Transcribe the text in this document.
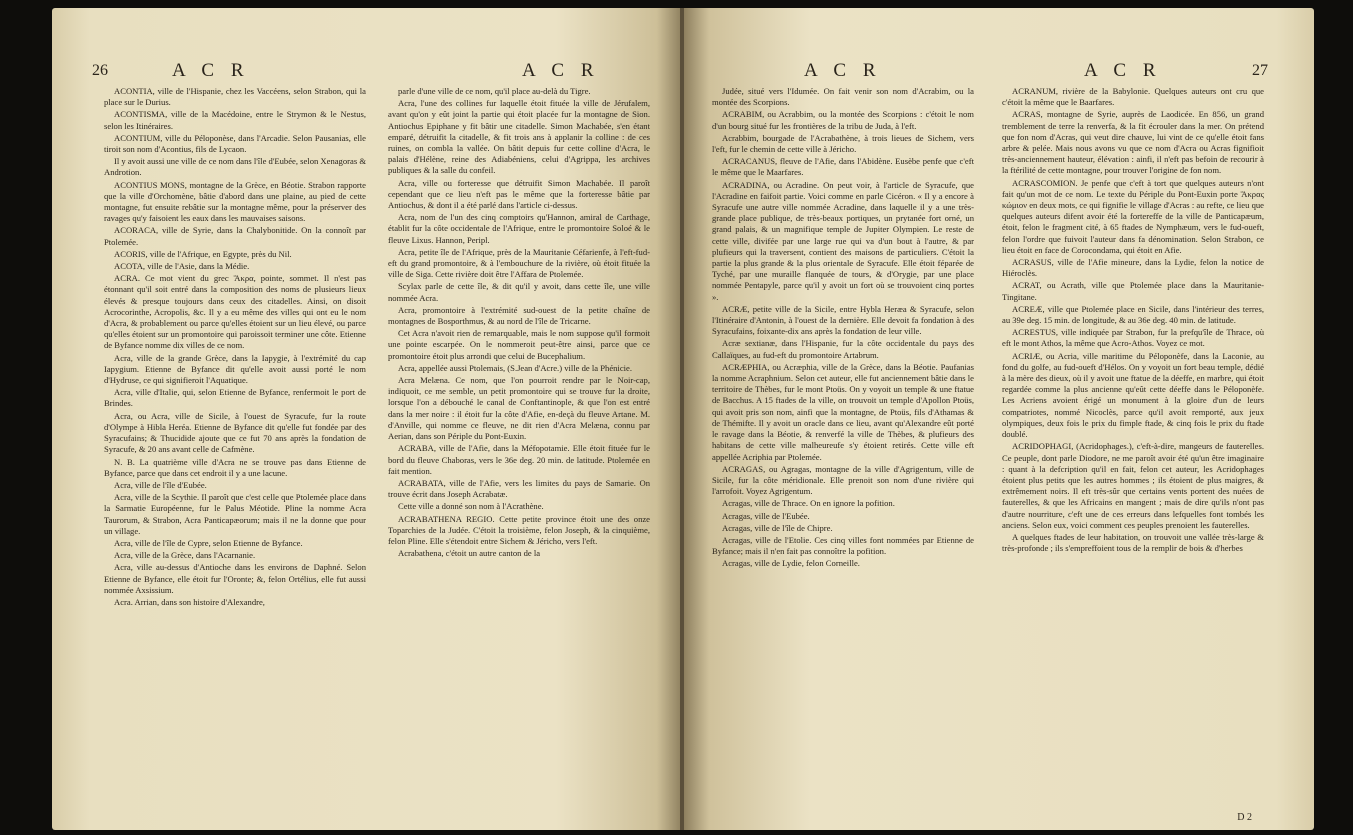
26	A C R	A C R

ACONTIA, ville de l'Hispanie, chez les Vaccéens, selon Strabon, qui la place sur le Durius.

ACONTISMA, ville de la Macédoine, entre le Strymon & le Nestus, selon les Itinéraires.

ACONTIUM, ville du Péloponèse, dans l'Arcadie. Selon Pausanias, elle tiroit son nom d'Acontius, fils de Lycaon.

Il y avoit aussi une ville de ce nom dans l'île d'Eubée, selon Xenagoras & Androtion.

ACONTIUS MONS, montagne de la Grèce, en Béotie. Strabon rapporte que la ville d'Orchomène, bâtie d'abord dans une plaine, au pied de cette montagne, fut ensuite rebâtie sur la montagne même, pour la préserver des ravages qu'y faisoient les eaux dans les mauvaises saisons.

ACORACA, ville de Syrie, dans la Chalybonitide. On la connoît par Ptolemée.

ACORIS, ville de l'Afrique, en Egypte, près du Nil.

ACOTA, ville de l'Asie, dans la Médie.

ACRA. Ce mot vient du grec Ἄκρα, pointe, sommet. Il n'est pas étonnant qu'il soit entré dans la composition des noms de plusieurs lieux élevés & presque toujours dans ceux des citadelles. Ainsi, on disoit Acrocorinthe, Acropolis, &c. Il y a eu même des villes qui ont eu le nom d'Acra, & probablement ou parce qu'elles étoient sur un lieu élevé, ou parce qu'elles étoient sur un promontoire qui paroissoit terminer une côte. Etienne de Byfance nomme dix villes de ce nom.

Acra, ville de la grande Grèce, dans la Iapygie, à l'extrémité du cap Iapygium. Etienne de Byfance dit qu'elle avoit aussi porté le nom d'Hydruse, ce qui signifieroit l'Aquatique.

Acra, ville d'Italie, qui, selon Etienne de Byfance, renfermoit le port de Brindes.

Acra, ou Acra, ville de Sicile, à l'ouest de Syracufe, fur la route d'Olympe à Hibla Heréa. Etienne de Byfance dit qu'elle fut fondée par des Syracufains; & Thucidide ajoute que ce fut 70 ans après la fondation de Syracufe, & 20 ans avant celle de Cafmène.

N. B. La quatrième ville d'Acra ne se trouve pas dans Etienne de Byfance, parce que dans cet endroit il y a une lacune.

Acra, ville de l'île d'Eubée.

Acra, ville de la Scythie. Il paroît que c'est celle que Ptolemée place dans la Sarmatie Européenne, fur le Palus Méotide. Pline la nomme Acra Taurorum, & Strabon, Acra Panticapæorum; mais il ne la donne que pour un village.

Acra, ville de l'île de Cypre, selon Etienne de Byfance.

Acra, ville de la Grèce, dans l'Acarnanie.

Acra, ville au-dessus d'Antioche dans les environs de Daphné. Selon Etienne de Byfance, elle étoit fur l'Oronte; &, felon Ortélius, elle fut aussi nommée Axsissium.

Acra. Arrian, dans son histoire d'Alexandre,

parle d'une ville de ce nom, qu'il place au-delà du Tigre.

Acra, l'une des collines fur laquelle étoit fituée la ville de Jérufalem, avant qu'on y eût joint la partie qui étoit placée fur la montagne de Sion. Antiochus Epiphane y fit bâtir une citadelle. Simon Machabée, s'en étant emparé, détruifit la citadelle, & fit trois ans à applanir la colline : de ces ruines, on combla la vallée. On bâtit depuis fur cette colline d'Acra, le palais d'Hélène, reine des Adiabéniens, celui d'Agrippa, les archives publiques & la salle du confeil.

Acra, ville ou forteresse que détruifit Simon Machabée. Il paroît cependant que ce lieu n'eft pas le même que la forteresse bâtie par Antiochus, & dont il a été parlé dans l'article ci-dessus.

Acra, nom de l'un des cinq comptoirs qu'Hannon, amiral de Carthage, établit fur la côte occidentale de l'Afrique, entre le promontoire Soloé & le fleuve Lixus. Hannon, Peripl.

Acra, petite île de l'Afrique, près de la Mauritanie Céfarienfe, à l'eft-fud-eft du grand promontoire, & à l'embouchure de la rivière, où étoit fituée la ville de Siga. Cette rivière doit être l'Affara de Ptolemée.

Scylax parle de cette île, & dit qu'il y avoit, dans cette île, une ville nommée Acra.

Acra, promontoire à l'extrémité sud-ouest de la petite chaîne de montagnes de Bosporthmus, & au nord de l'île de Tricarne.

Cet Acra n'avoit rien de remarquable, mais le nom suppose qu'il formoit une pointe escarpée. On le nommeroit peut-être ainsi, parce que ce promontoire étoit plus arrondi que celui de Bucephalium.

Acra, appellée aussi Ptolemais, (S.Jean d'Acre.) ville de la Phénicie.

Acra Melæna. Ce nom, que l'on pourroit rendre par le Noir-cap, indiquoit, ce me semble, un petit promontoire qui se trouve fur la droite, lorsque l'on a débouché le canal de Conftantinople, & que l'on est entré dans la mer noire : il étoit fur la côte d'Afie, en-deçà du fleuve Artane. M. d'Anville, qui nomme ce fleuve, ne dit rien d'Acra Melæna, connu par Aerian, dans son Périple du Pont-Euxin.

ACRABA, ville de l'Afie, dans la Méfopotamie. Elle étoit fituée fur le bord du fleuve Chaboras, vers le 36e deg. 20 min. de latitude. Ptolemée en fait mention.

ACRABATA, ville de l'Afie, vers les limites du pays de Samarie. On trouve écrit dans Joseph Acrabatæ.

Cette ville a donné son nom à l'Acrathène.

ACRABATHENA REGIO. Cette petite province étoit une des onze Toparchies de la Judée. C'étoit la troisième, felon Joseph, & la cinquième, felon Pline. Elle s'étendoit entre Sichem & Jéricho, vers l'eft.

Acrabathena, c'étoit un autre canton de la

A C R	A C R	27

Judée, situé vers l'Idumée. On fait venir son nom d'Acrabim, ou la montée des Scorpions.

ACRABIM, ou Acrabbim, ou la montée des Scorpions : c'étoit le nom d'un bourg situé fur les frontières de la tribu de Juda, à l'eft.

Acrabbim, bourgade de l'Acrabathène, à trois lieues de Sichem, vers l'eft, fur le chemin de cette ville à Jéricho.

ACRACANUS, fleuve de l'Afie, dans l'Abidène. Eusèbe penfe que c'eft le même que le Maarfares.

ACRADINA, ou Acradine. On peut voir, à l'article de Syracufe, que l'Acradine en faifoit partie. Voici comme en parle Cicéron. « Il y a encore à Syracufe une autre ville nommée Acradine, dans laquelle il y a une très-grande place publique, de très-beaux portiques, un prytanée fort orné, un grand palais, & un magnifique temple de Jupiter Olympien. Le reste de cette ville, divifée par une large rue qui va d'un bout à l'autre, & par plufieurs qui la traversent, contient des maisons de particuliers. C'étoit la partie la plus grande & la plus orientale de Syracufe. Elle étoit féparée de Tyché, par une muraille flanquée de tours, & d'Orygie, par une place nommée Pentapyle, parce qu'il y avoit un fort où se trouvoient cinq portes ».

ACRÆ, petite ville de la Sicile, entre Hybla Heræa & Syracufe, selon l'Itinéraire d'Antonin, à l'ouest de la dernière. Elle devoit fa fondation à des Syracufains, foixante-dix ans après la fondation de leur ville.

Acræ sextianæ, dans l'Hispanie, fur la côte occidentale du pays des Callaïques, au fud-eft du promontoire Artabrum.

ACRÆPHIA, ou Acræphia, ville de la Grèce, dans la Béotie. Paufanias la nomme Acraphnium. Selon cet auteur, elle fut anciennement bâtie dans le territoire de Thèbes, fur le mont Ptoüs. On y voyoit un temple & une ftatue de Bacchus. A 15 ftades de la ville, on trouvoit un temple d'Apollon Ptoüs, qui avoit pris son nom, ainfi que la montagne, de Ptoüs, fils d'Athamas & de Thémifte. Il y avoit un oracle dans ce lieu, avant qu'Alexandre eût porté le ravage dans la Béotie, & renverfé la ville de Thèbes, & plufieurs des habitans de cette ville malheureufe s'y étoient retirés. Cette ville eft appellée Acriphia par Ptolemée.

ACRAGAS, ou Agragas, montagne de la ville d'Agrigentum, ville de Sicile, fur la côte méridionale. Elle prenoit son nom d'une rivière qui l'arrofoit. Voyez Agrigentum.

Acragas, ville de Thrace. On en ignore la pofition.

Acragas, ville de l'Eubée.

Acragas, ville de l'île de Chipre.

Acragas, ville de l'Etolie. Ces cinq villes font nommées par Etienne de Byfance; mais il n'en fait pas connoître la pofition.

Acragas, ville de Lydie, felon Corneille.

ACRANUM, rivière de la Babylonie. Quelques auteurs ont cru que c'étoit la même que le Baarfares.

ACRAS, montagne de Syrie, auprès de Laodicée. En 856, un grand tremblement de terre la renverfa, & la fit écrouler dans la mer. On prétend que fon nom d'Acras, qui veut dire chauve, lui vint de ce qu'elle étoit fans arbre & pelée. Mais nous avons vu que ce nom d'Acra ou Acras fignifioit très-anciennement hauteur, élévation : ainfi, il n'eft pas befoin de recourir à la ftérilité de cette montagne, pour trouver l'origine de fon nom.

ACRASCOMION. Je penfe que c'eft à tort que quelques auteurs n'ont fait qu'un mot de ce nom. Le texte du Périple du Pont-Euxin porte Ἄκρας κώμιον en deux mots, ce qui fignifie le village d'Acras : au refte, ce lieu que quelques auteurs difent avoir été la fortereffe de la ville de Panticapæum, étoit, felon le fragment cité, à 65 ftades de Nymphæum, vers le fud-oueft, felon l'ordre que fuivoit l'auteur dans fa dénomination. Selon Strabon, ce lieu étoit en face de Corocondama, qui étoit en Afie.

ACRASUS, ville de l'Afie mineure, dans la Lydie, felon la notice de Hiéroclès.

ACRAT, ou Acrath, ville que Ptolemée place dans la Mauritanie-Tingitane.

ACREÆ, ville que Ptolemée place en Sicile, dans l'intérieur des terres, au 39e deg. 15 min. de longitude, & au 36e deg. 40 min. de latitude.

ACRESTUS, ville indiquée par Strabon, fur la prefqu'île de Thrace, où eft le mont Athos, la même que Acro-Athos. Voyez ce mot.

ACRIÆ, ou Acria, ville maritime du Péloponèfe, dans la Laconie, au fond du golfe, au fud-oueft d'Hélos. On y voyoit un fort beau temple, dédié à la mère des dieux, où il y avoit une ftatue de la déeffe, en marbre, qui étoit regardée comme la plus ancienne qu'eût cette déeffe dans le Péloponèfe. Les Acriens avoient érigé un monument à la gloire d'un de leurs compatriotes, nommé Nicoclès, parce qu'il avoit remporté, aux jeux olympiques, deux fois le prix du fimple ftade, & cinq fois le prix du ftade doublé.

ACRIDOPHAGI, (Acridophages.), c'eft-à-dire, mangeurs de fauterelles. Ce peuple, dont parle Diodore, ne me paroît avoir été qu'un être imaginaire : quant à la defcription qu'il en fait, felon cet auteur, les Acridophages étoient plus petits que les autres hommes ; ils étoient de plus maigres, & extrêmement noirs. Il eft très-sûr que certains vents portent des nuées de fauterelles, & que les Africains en mangent ; mais de dire qu'ils n'ont pas d'autre nourriture, c'eft une de ces erreurs dans lefquelles font tombés les anciens. Selon eux, voici comment ces peuples prenoient les fauterelles.

A quelques ftades de leur habitation, on trouvoit une vallée très-large & très-profonde ; ils s'empreffoient tous de la remplir de bois & d'herbes

D 2
